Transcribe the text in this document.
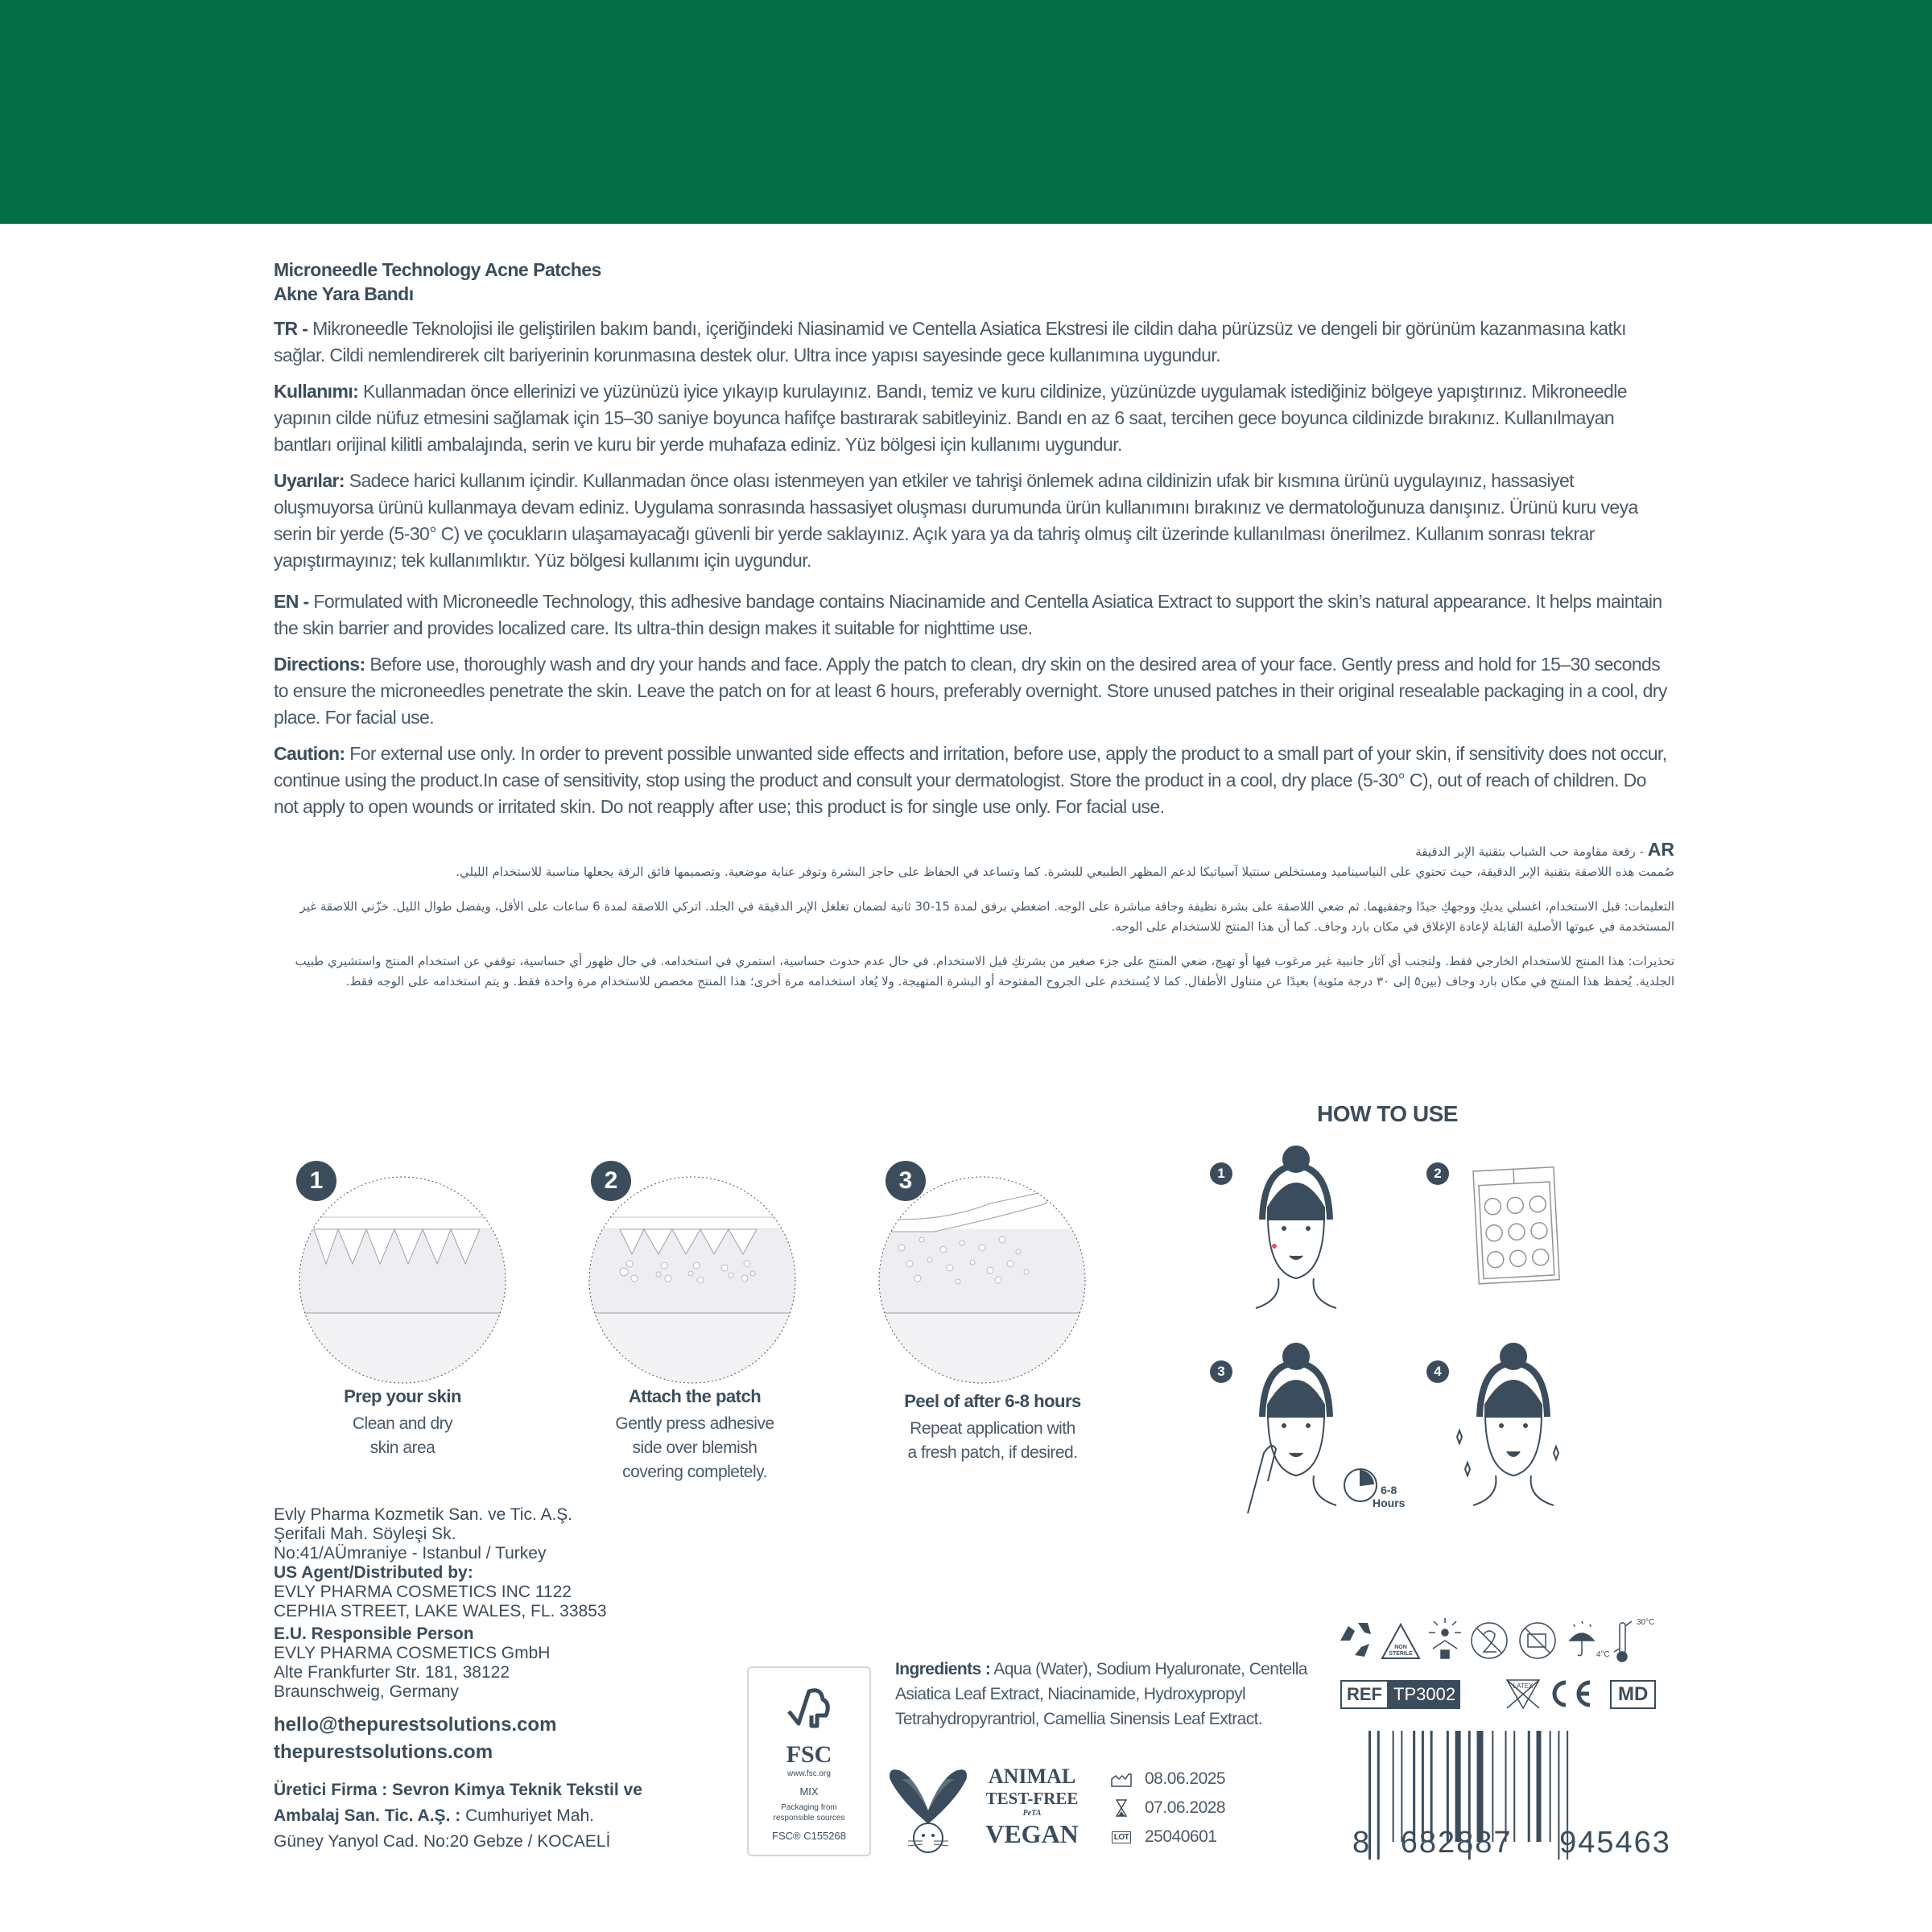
Microneedle Technology Acne Patches
Akne Yara Bandı

TR - Mikroneedle Teknolojisi ile geliştirilen bakım bandı, içeriğindeki Niasinamid ve Centella Asiatica Ekstresi ile cildin daha pürüzsüz ve dengeli bir görünüm kazanmasına katkı sağlar. Cildi nemlendirerek cilt bariyerinin korunmasına destek olur. Ultra ince yapısı sayesinde gece kullanımına uygundur.

Kullanımı: Kullanmadan önce ellerinizi ve yüzünüzü iyice yıkayıp kurulayınız. Bandı, temiz ve kuru cildinize, yüzünüzde uygulamak istediğiniz bölgeye yapıştırınız. Mikroneedle yapının cilde nüfuz etmesini sağlamak için 15–30 saniye boyunca hafifçe bastırarak sabitleyiniz. Bandı en az 6 saat, tercihen gece boyunca cildinizde bırakınız. Kullanılmayan bantları orijinal kilitli ambalajında, serin ve kuru bir yerde muhafaza ediniz. Yüz bölgesi için kullanımı uygundur.

Uyarılar: Sadece harici kullanım içindir. Kullanmadan önce olası istenmeyen yan etkiler ve tahrişi önlemek adına cildinizin ufak bir kısmına ürünü uygulayınız, hassasiyet oluşmuyorsa ürünü kullanmaya devam ediniz. Uygulama sonrasında hassasiyet oluşması durumunda ürün kullanımını bırakınız ve dermatoloğunuza danışınız. Ürünü kuru veya serin bir yerde (5-30° C) ve çocukların ulaşamayacağı güvenli bir yerde saklayınız. Açık yara ya da tahriş olmuş cilt üzerinde kullanılması önerilmez. Kullanım sonrası tekrar yapıştırmayınız; tek kullanımlıktır. Yüz bölgesi kullanımı için uygundur.

EN - Formulated with Microneedle Technology, this adhesive bandage contains Niacinamide and Centella Asiatica Extract to support the skin’s natural appearance. It helps maintain the skin barrier and provides localized care. Its ultra-thin design makes it suitable for nighttime use.

Directions: Before use, thoroughly wash and dry your hands and face. Apply the patch to clean, dry skin on the desired area of your face. Gently press and hold for 15–30 seconds to ensure the microneedles penetrate the skin. Leave the patch on for at least 6 hours, preferably overnight. Store unused patches in their original resealable packaging in a cool, dry place. For facial use.

Caution: For external use only. In order to prevent possible unwanted side effects and irritation, before use, apply the product to a small part of your skin, if sensitivity does not occur, continue using the product.In case of sensitivity, stop using the product and consult your dermatologist. Store the product in a cool, dry place (5-30° C), out of reach of children. Do not apply to open wounds or irritated skin. Do not reapply after use; this product is for single use only. For facial use.

AR - رقعة مقاومة حب الشباب بتقنية الإبر الدقيقة
صُممت هذه اللاصقة بتقنية الإبر الدقيقة، حيث تحتوي على النياسيناميد ومستخلص سنتيلا آسياتيكا لدعم المظهر الطبيعي للبشرة. كما وتساعد في الحفاظ على حاجز البشرة وتوفر عناية موضعية. وتصميمها فائق الرقة يجعلها مناسبة للاستخدام الليلي.
التعليمات: قبل الاستخدام، اغسلي يديكِ ووجهكِ جيدًا وجففيهما. ثم ضعي اللاصقة على بشرة نظيفة وجافة مباشرة على الوجه. اضغطي برفق لمدة 15-30 ثانية لضمان تغلغل الإبر الدقيقة في الجلد. اتركي اللاصقة لمدة 6 ساعات على الأقل، ويفضل طوال الليل. خزّني اللاصقة غير المستخدمة في عبوتها الأصلية القابلة لإعادة الإغلاق في مكان بارد وجاف. كما أن هذا المنتج للاستخدام على الوجه.
تحذيرات: هذا المنتج للاستخدام الخارجي فقط. ولتجنب أي آثار جانبية غير مرغوب فيها أو تهيج، ضعي المنتج على جزء صغير من بشرتكِ قبل الاستخدام. في حال عدم حدوث حساسية، استمري في استخدامه. في حال ظهور أي حساسية، توقفي عن استخدام المنتج واستشيري طبيب الجلدية. يُحفظ هذا المنتج في مكان بارد وجاف (بين٥ إلى ٣٠ درجة مئوية) بعيدًا عن متناول الأطفال. كما لا يُستخدم على الجروح المفتوحة أو البشرة المتهيجة. ولا يُعاد استخدامه مرة أخرى؛ هذا المنتج مخصص للاستخدام مرة واحدة فقط. و يتم استخدامه على الوجه فقط.
1	2	3
Prep your skin
Clean and dry
skin area
Attach the patch
Gently press adhesive
side over blemish
covering completely.
Peel of after 6-8 hours
Repeat application with
a fresh patch, if desired.
HOW TO USE
1	2
3	4
6-8
Hours
Evly Pharma Kozmetik San. ve Tic. A.Ş.
Şerifali Mah. Söyleşi Sk.
No:41/AÜmraniye - Istanbul / Turkey
US Agent/Distributed by:
EVLY PHARMA COSMETICS INC 1122
CEPHIA STREET, LAKE WALES, FL. 33853
E.U. Responsible Person
EVLY PHARMA COSMETICS GmbH
Alte Frankfurter Str. 181, 38122
Braunschweig, Germany
hello@thepurestsolutions.com
thepurestsolutions.com
Üretici Firma : Sevron Kimya Teknik Tekstil ve
Ambalaj San. Tic. A.Ş. : Cumhuriyet Mah.
Güney Yanyol Cad. No:20 Gebze / KOCAELİ
FSC
www.fsc.org
MIX
Packaging from
responsible sources
FSC® C155268
Ingredients : Aqua (Water), Sodium Hyaluronate, Centella Asiatica Leaf Extract, Niacinamide, Hydroxypropyl Tetrahydropyrantriol, Camellia Sinensis Leaf Extract.
ANIMAL
TEST-FREE
PeTA
VEGAN
08.06.2025
07.06.2028
LOT 25040601
NON
STERILE
30°C
4°C
REF TP3002	LATEX	MD
8 682887 945463
